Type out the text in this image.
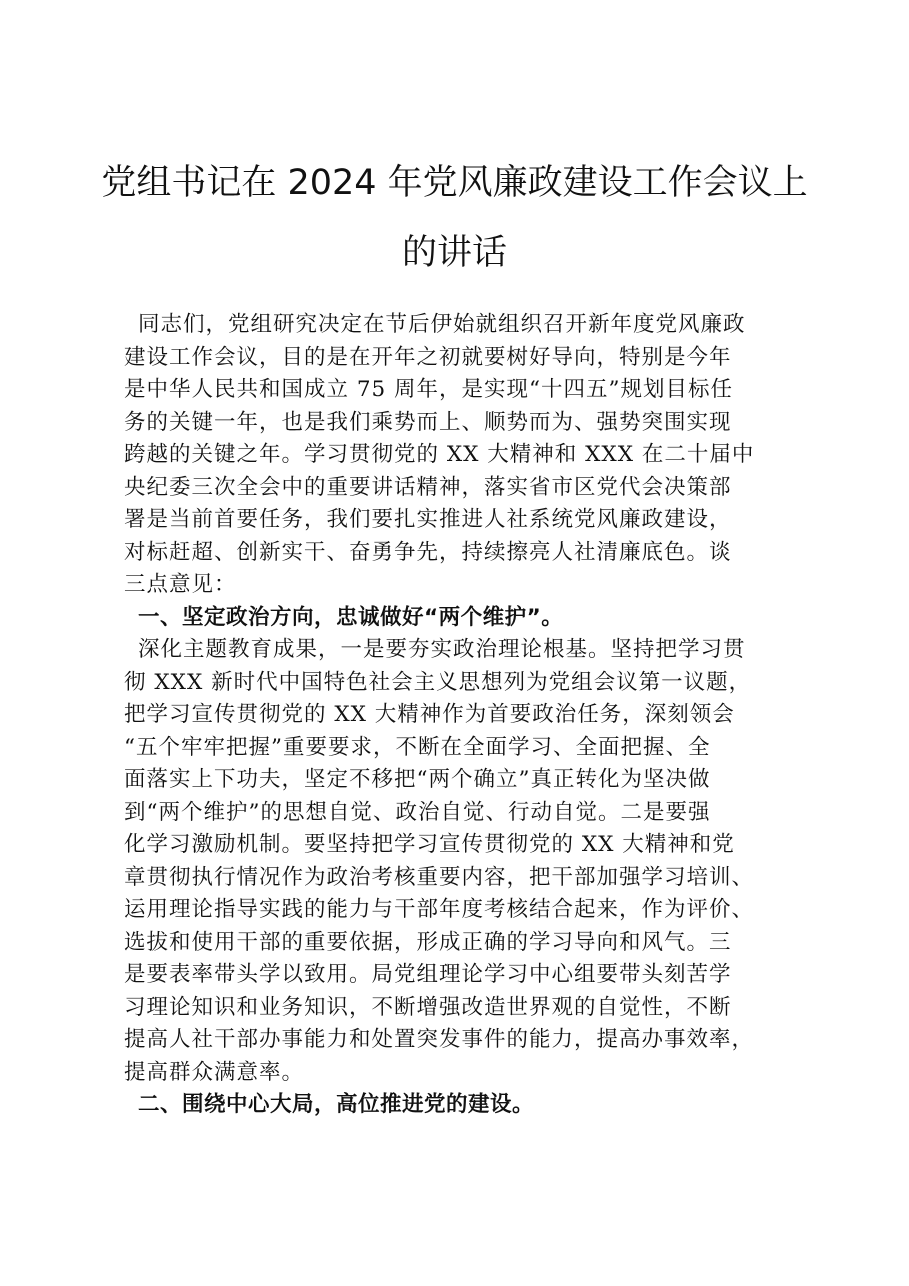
党组书记在 2024 年党风廉政建设工作会议上
的讲话
同志们，党组研究决定在节后伊始就组织召开新年度党风廉政
建设工作会议，目的是在开年之初就要树好导向，特别是今年
是中华人民共和国成立 75 周年，是实现“十四五”规划目标任
务的关键一年，也是我们乘势而上、顺势而为、强势突围实现
跨越的关键之年。学习贯彻党的 XX 大精神和 XXX 在二十届中
央纪委三次全会中的重要讲话精神，落实省市区党代会决策部
署是当前首要任务，我们要扎实推进人社系统党风廉政建设，
对标赶超、创新实干、奋勇争先，持续擦亮人社清廉底色。谈
三点意见：
一、坚定政治方向，忠诚做好“两个维护”。
深化主题教育成果，一是要夯实政治理论根基。坚持把学习贯
彻 XXX 新时代中国特色社会主义思想列为党组会议第一议题，
把学习宣传贯彻党的 XX 大精神作为首要政治任务，深刻领会
“五个牢牢把握”重要要求，不断在全面学习、全面把握、全
面落实上下功夫，坚定不移把“两个确立”真正转化为坚决做
到“两个维护”的思想自觉、政治自觉、行动自觉。二是要强
化学习激励机制。要坚持把学习宣传贯彻党的 XX 大精神和党
章贯彻执行情况作为政治考核重要内容，把干部加强学习培训、
运用理论指导实践的能力与干部年度考核结合起来，作为评价、
选拔和使用干部的重要依据，形成正确的学习导向和风气。三
是要表率带头学以致用。局党组理论学习中心组要带头刻苦学
习理论知识和业务知识，不断增强改造世界观的自觉性，不断
提高人社干部办事能力和处置突发事件的能力，提高办事效率，
提高群众满意率。
二、围绕中心大局，高位推进党的建设。
